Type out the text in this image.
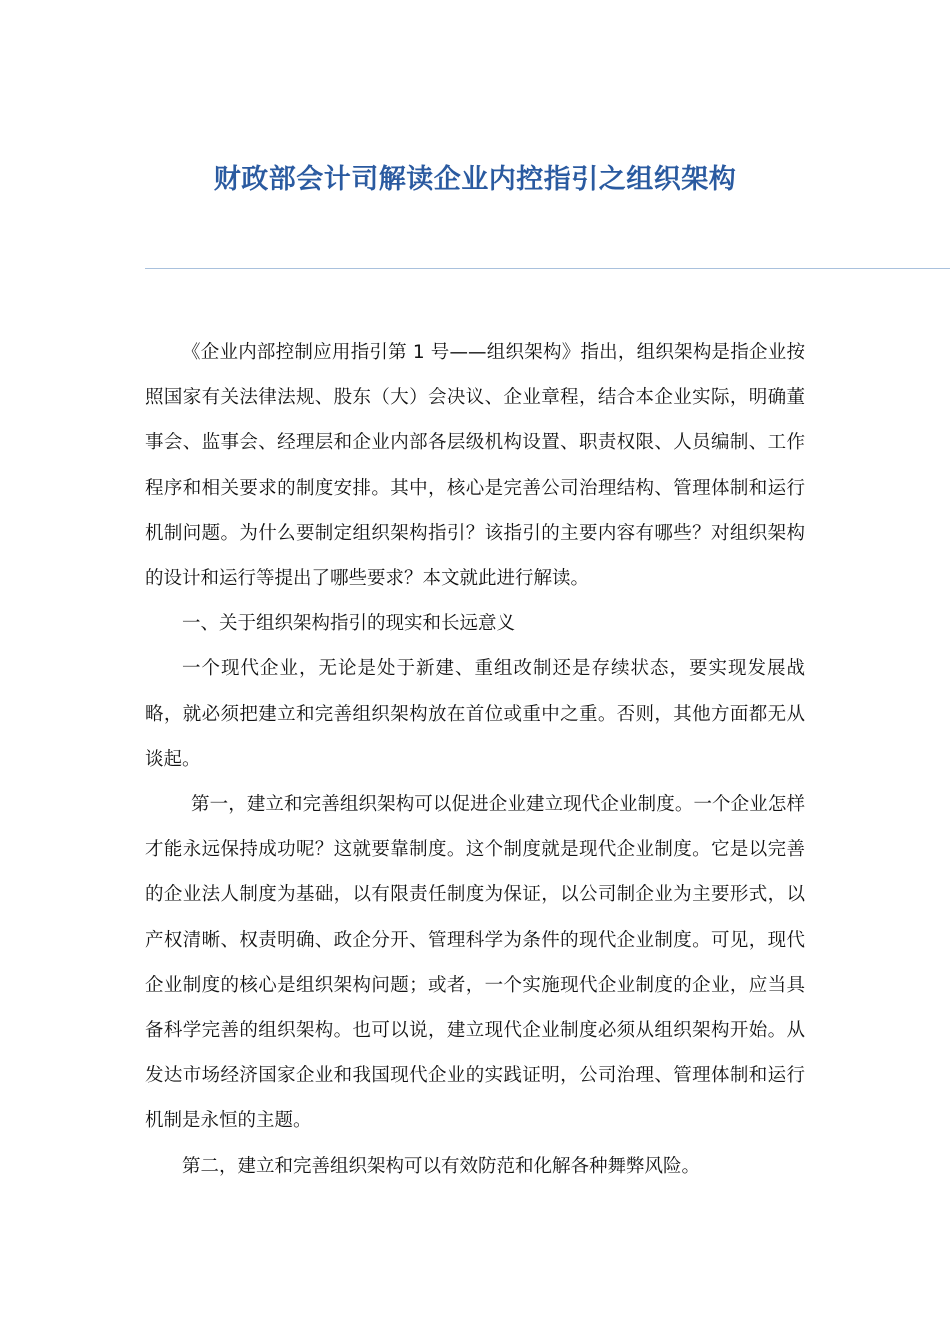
财政部会计司解读企业内控指引之组织架构

《企业内部控制应用指引第 1 号——组织架构》指出，组织架构是指企业按照国家有关法律法规、股东（大）会决议、企业章程，结合本企业实际，明确董事会、监事会、经理层和企业内部各层级机构设置、职责权限、人员编制、工作程序和相关要求的制度安排。其中，核心是完善公司治理结构、管理体制和运行机制问题。为什么要制定组织架构指引？该指引的主要内容有哪些？对组织架构的设计和运行等提出了哪些要求？本文就此进行解读。

一、关于组织架构指引的现实和长远意义

一个现代企业，无论是处于新建、重组改制还是存续状态，要实现发展战略，就必须把建立和完善组织架构放在首位或重中之重。否则，其他方面都无从谈起。

第一，建立和完善组织架构可以促进企业建立现代企业制度。一个企业怎样才能永远保持成功呢？这就要靠制度。这个制度就是现代企业制度。它是以完善的企业法人制度为基础，以有限责任制度为保证，以公司制企业为主要形式，以产权清晰、权责明确、政企分开、管理科学为条件的现代企业制度。可见，现代企业制度的核心是组织架构问题；或者，一个实施现代企业制度的企业，应当具备科学完善的组织架构。也可以说，建立现代企业制度必须从组织架构开始。从发达市场经济国家企业和我国现代企业的实践证明，公司治理、管理体制和运行机制是永恒的主题。

第二，建立和完善组织架构可以有效防范和化解各种舞弊风险。
